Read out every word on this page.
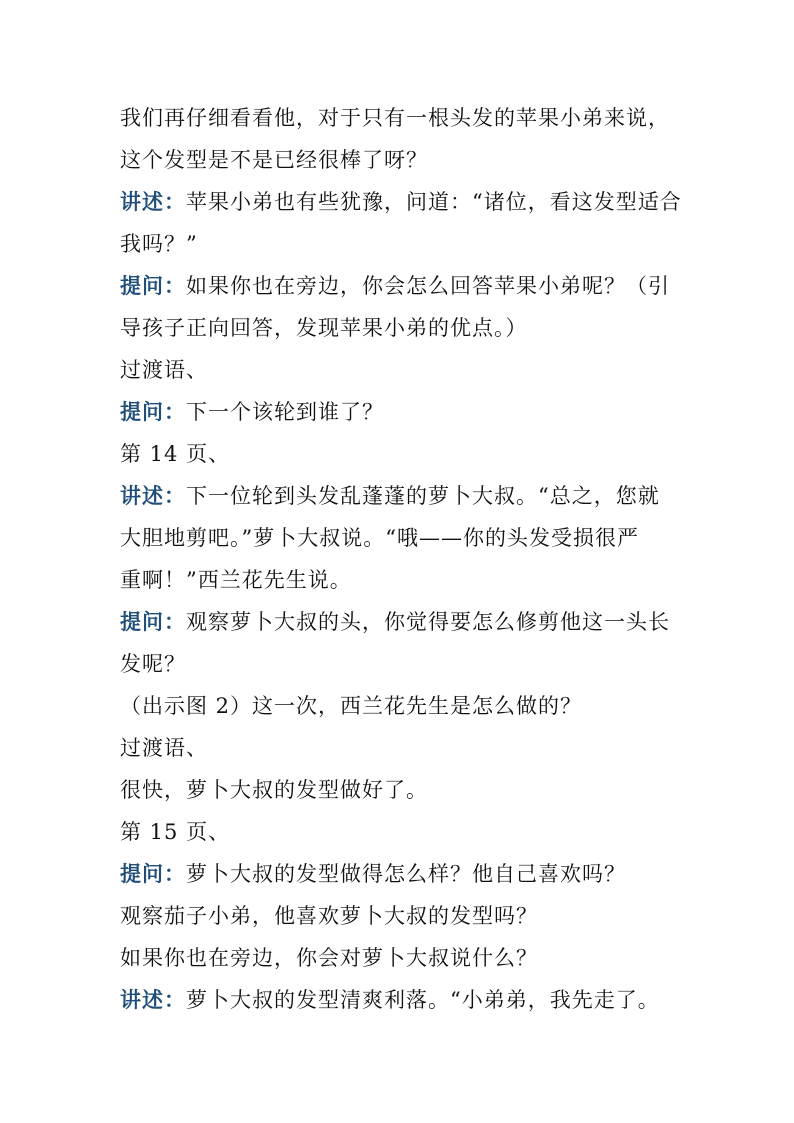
我们再仔细看看他，对于只有一根头发的苹果小弟来说，
这个发型是不是已经很棒了呀？
讲述：苹果小弟也有些犹豫，问道：“诸位，看这发型适合
我吗？”
提问：如果你也在旁边，你会怎么回答苹果小弟呢？（引
导孩子正向回答，发现苹果小弟的优点。）
过渡语、
提问：下一个该轮到谁了？
第 14 页、
讲述：下一位轮到头发乱蓬蓬的萝卜大叔。“总之，您就
大胆地剪吧。”萝卜大叔说。“哦——你的头发受损很严
重啊！”西兰花先生说。
提问：观察萝卜大叔的头，你觉得要怎么修剪他这一头长
发呢？
（出示图 2）这一次，西兰花先生是怎么做的？
过渡语、
很快，萝卜大叔的发型做好了。
第 15 页、
提问：萝卜大叔的发型做得怎么样？他自己喜欢吗？
观察茄子小弟，他喜欢萝卜大叔的发型吗？
如果你也在旁边，你会对萝卜大叔说什么？
讲述：萝卜大叔的发型清爽利落。“小弟弟，我先走了。
